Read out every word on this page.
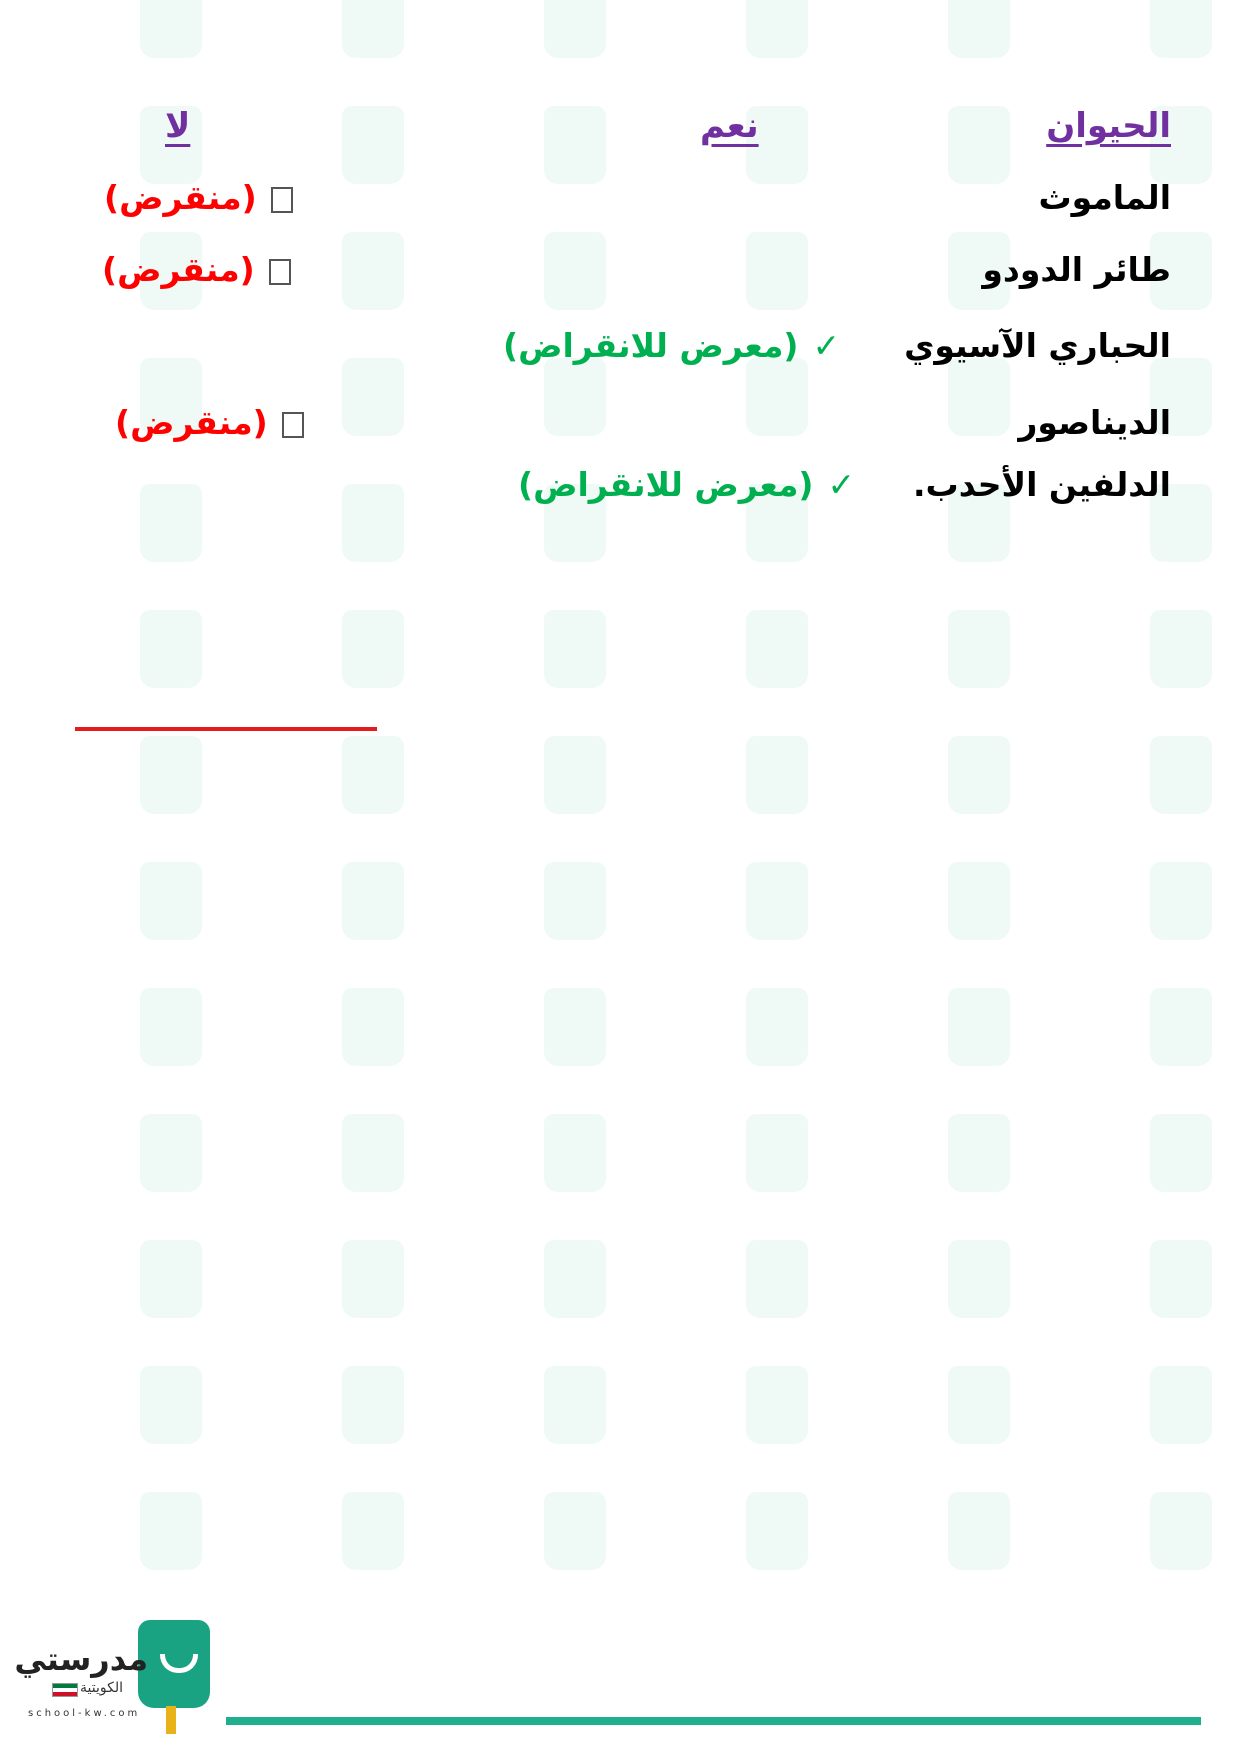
الحيوان
نعم
لا
الماموث
(منقرض)
طائر الدودو
(منقرض)
الحباري الآسيوي
✓(معرض للانقراض)
الديناصور
(منقرض)
الدلفين الأحدب.
✓(معرض للانقراض)
مدرستي
الكويتية
school-kw.com
